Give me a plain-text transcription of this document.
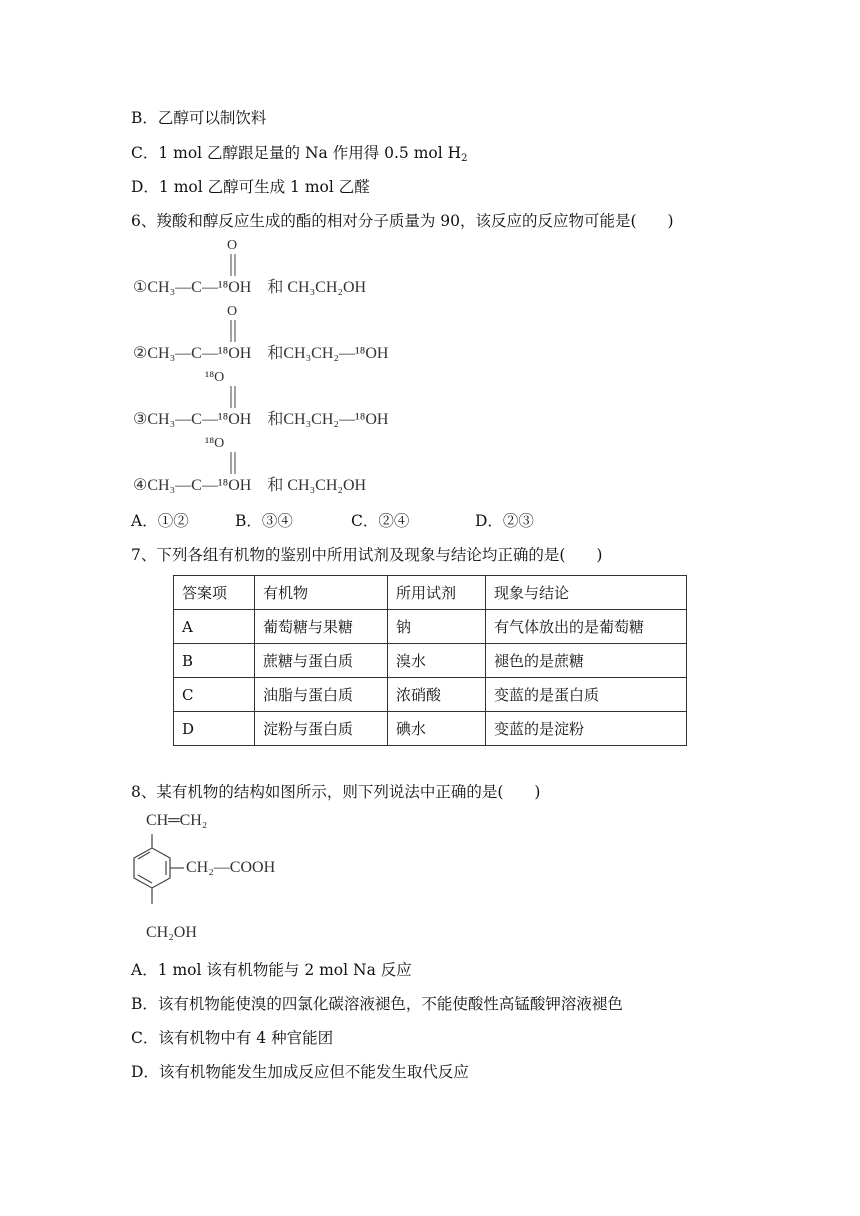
B．乙醇可以制饮料
C．1 mol 乙醇跟足量的 Na 作用得 0.5 mol $H_2$
D．1 mol 乙醇可生成 1 mol 乙醛
6、羧酸和醇反应生成的酯的相对分子质量为 90，该反应的反应物可能是(　　)
O
①CH₃—C—¹⁸OH　 和 CH₃CH₂OH
O
②CH₃—C—¹⁸OH　 和CH₃CH₂—¹⁸OH
¹⁸O
③CH₃—C—¹⁸OH　 和CH₃CH₂—¹⁸OH
¹⁸O
④CH₃—C—¹⁸OH　 和 CH₃CH₂OH
A．①②	B．③④	C．②④	D．②③
7、下列各组有机物的鉴别中所用试剂及现象与结论均正确的是(　　)
答案项	有机物	所用试剂	现象与结论
A	葡萄糖与果糖	钠	有气体放出的是葡萄糖
B	蔗糖与蛋白质	溴水	褪色的是蔗糖
C	油脂与蛋白质	浓硝酸	变蓝的是蛋白质
D	淀粉与蛋白质	碘水	变蓝的是淀粉
8、某有机物的结构如图所示，则下列说法中正确的是(　　)
CH═CH₂
CH₂—COOH
CH₂OH
A．1 mol 该有机物能与 2 mol Na 反应
B．该有机物能使溴的四氯化碳溶液褪色，不能使酸性高锰酸钾溶液褪色
C．该有机物中有 4 种官能团
D．该有机物能发生加成反应但不能发生取代反应
